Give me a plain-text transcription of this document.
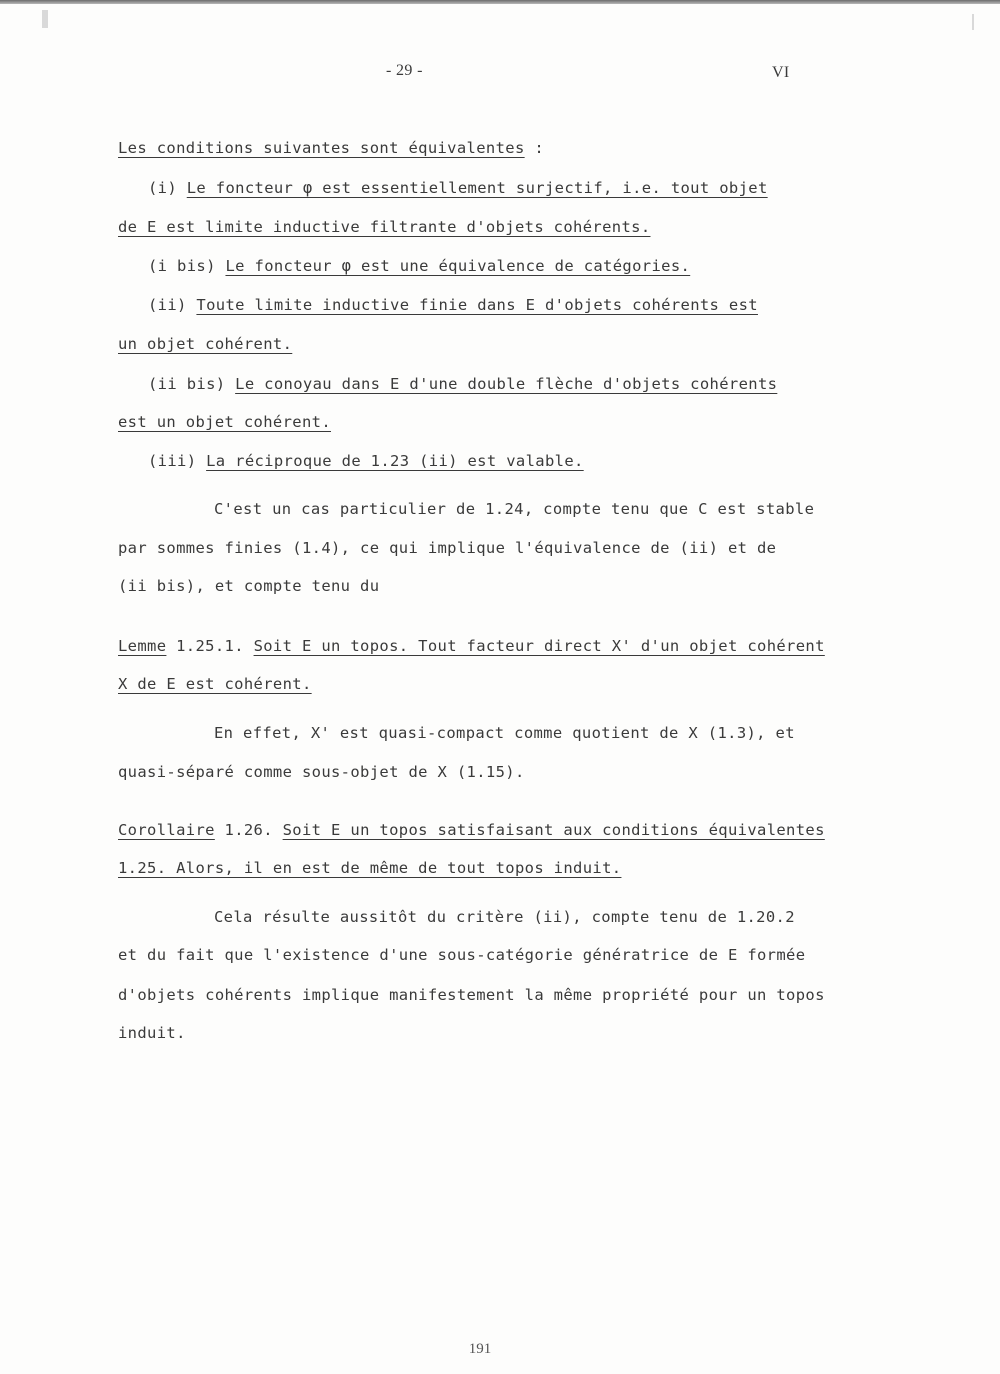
- 29 -	VI
Les conditions suivantes sont équivalentes :
(i) Le foncteur φ est essentiellement surjectif, i.e. tout objet
de E est limite inductive filtrante d'objets cohérents.
(i bis) Le foncteur φ est une équivalence de catégories.
(ii) Toute limite inductive finie dans E d'objets cohérents est
un objet cohérent.
(ii bis) Le conoyau dans E d'une double flèche d'objets cohérents
est un objet cohérent.
(iii) La réciproque de 1.23 (ii) est valable.
C'est un cas particulier de 1.24, compte tenu que C est stable
par sommes finies (1.4), ce qui implique l'équivalence de (ii) et de
(ii bis), et compte tenu du
Lemme 1.25.1. Soit E un topos. Tout facteur direct X' d'un objet cohérent
X de E est cohérent.
En effet, X' est quasi-compact comme quotient de X (1.3), et
quasi-séparé comme sous-objet de X (1.15).
Corollaire 1.26. Soit E un topos satisfaisant aux conditions équivalentes
1.25. Alors, il en est de même de tout topos induit.
Cela résulte aussitôt du critère (ii), compte tenu de 1.20.2
et du fait que l'existence d'une sous-catégorie génératrice de E formée
d'objets cohérents implique manifestement la même propriété pour un topos
induit.
191
